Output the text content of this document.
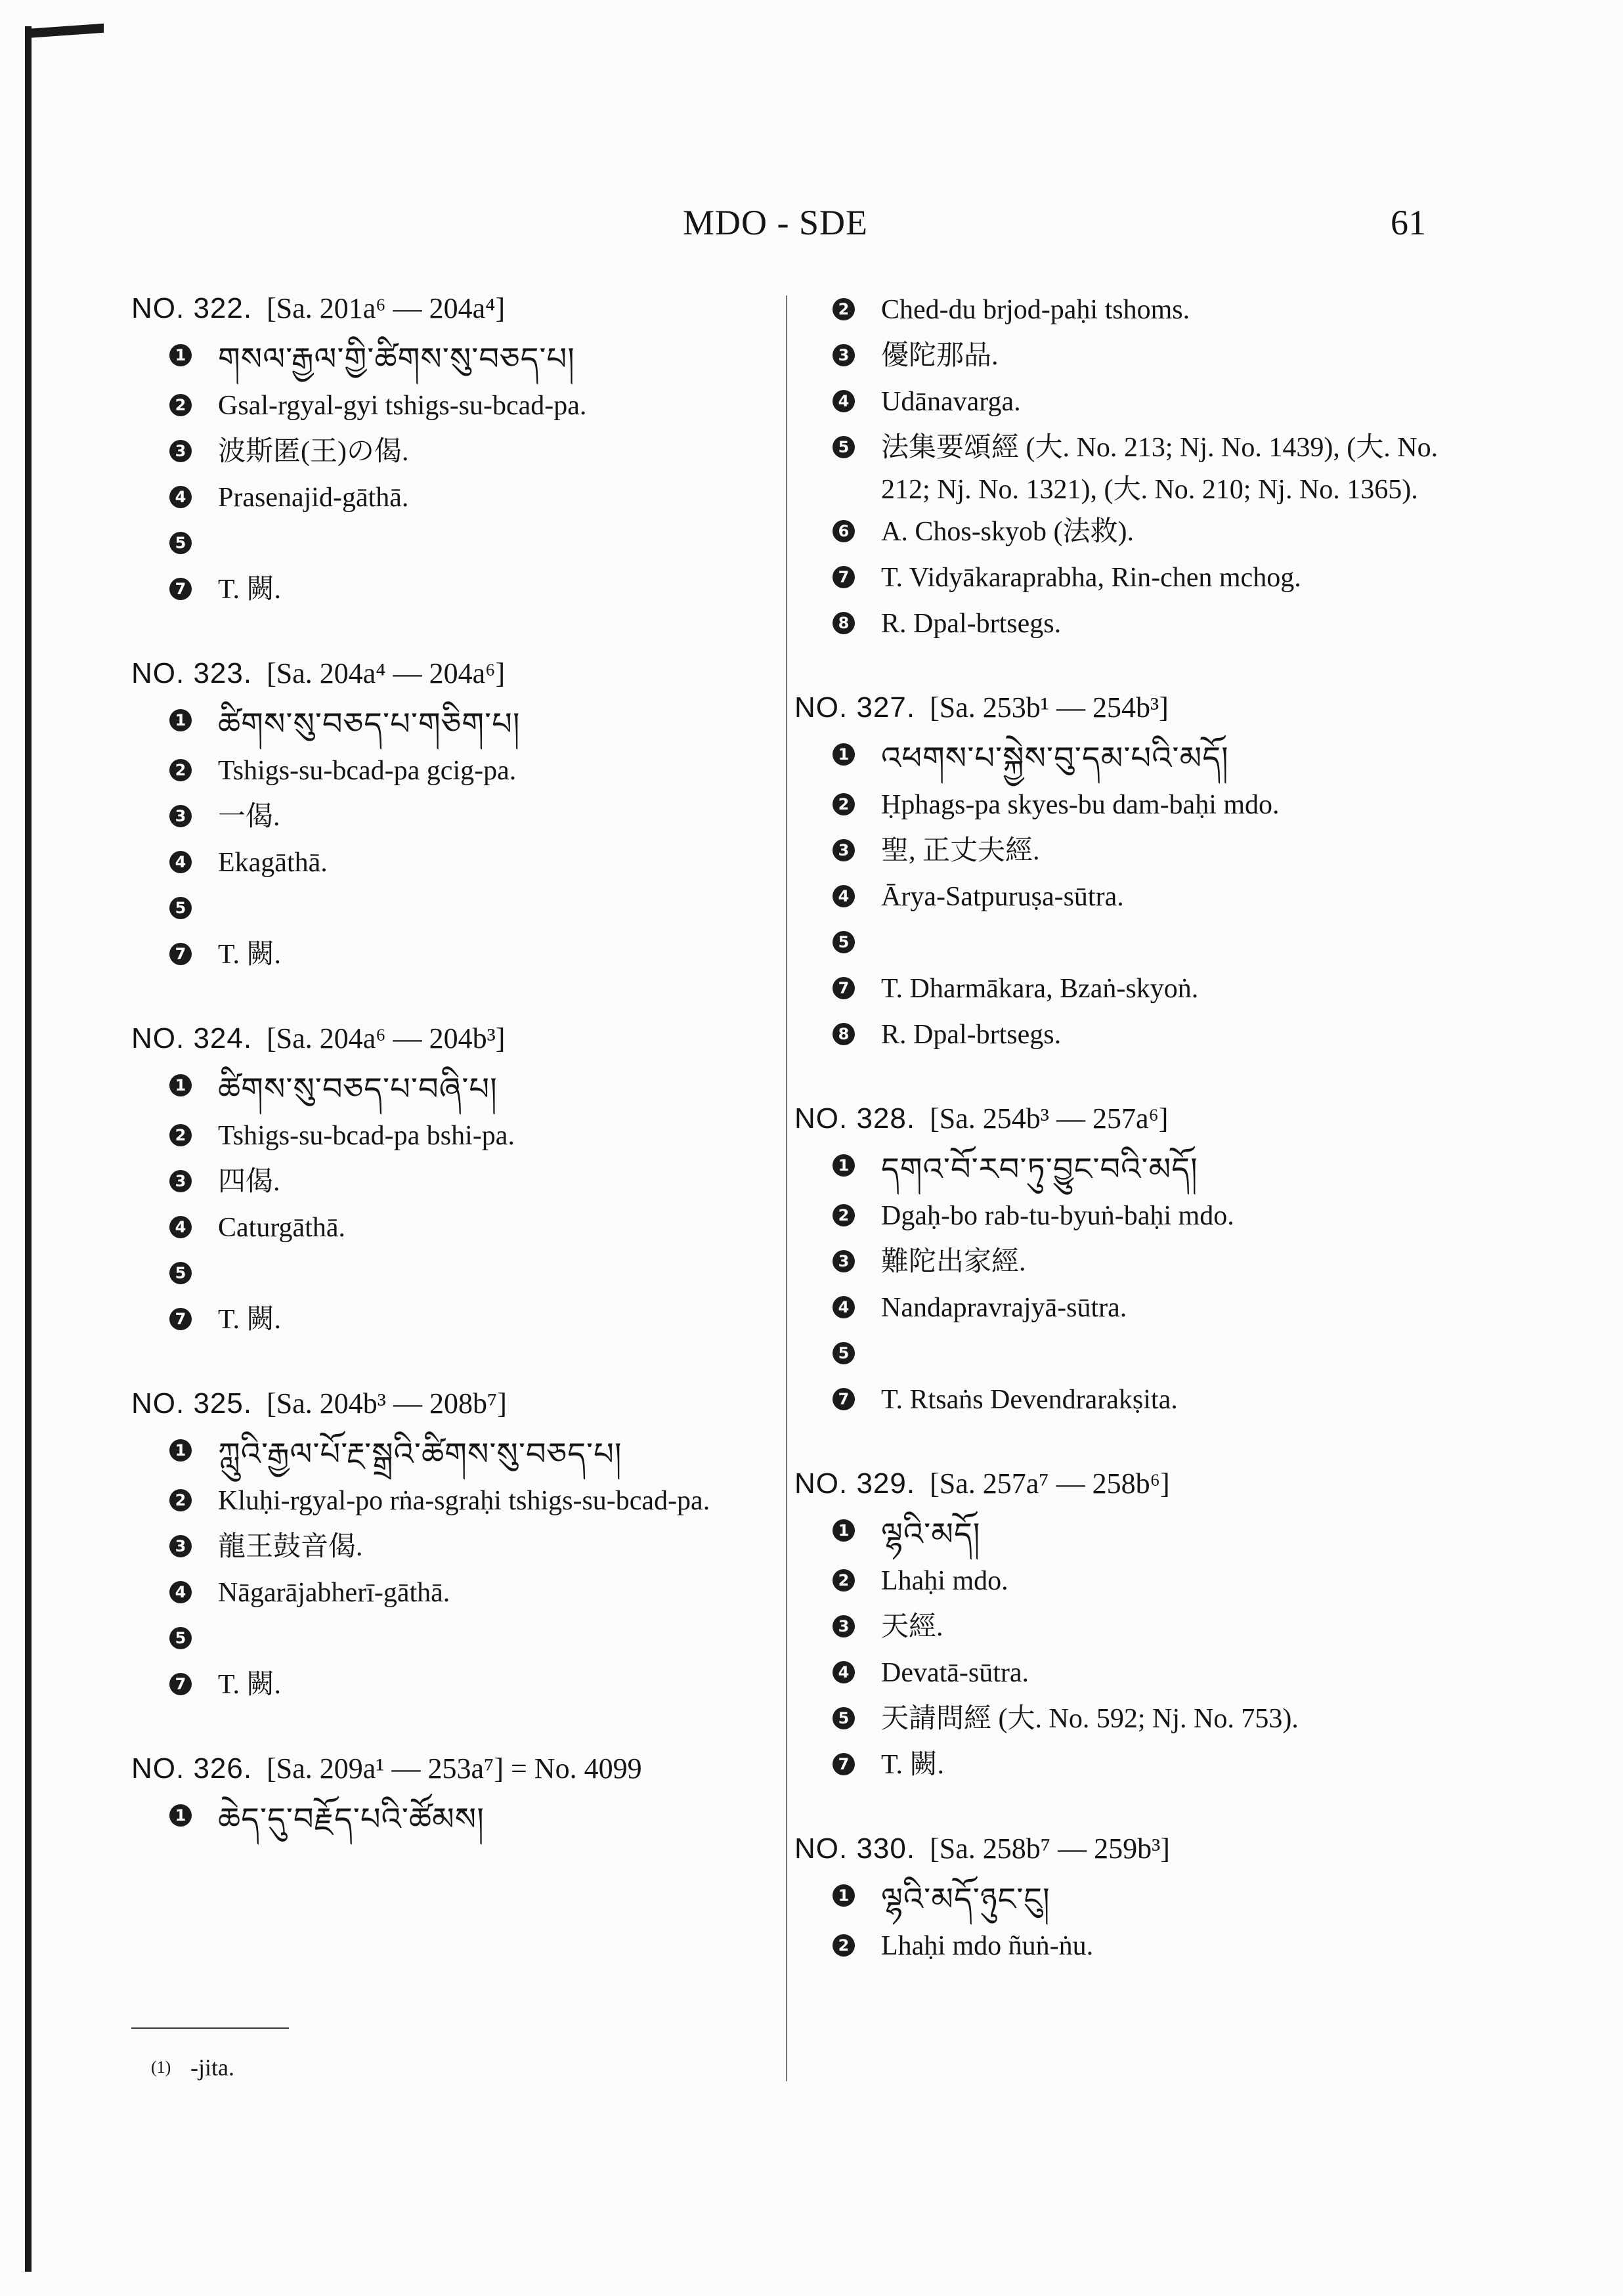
MDO - SDE	61
NO. 322. [Sa. 201a⁶ — 204a⁴]
1 གསལ་རྒྱལ་གྱི་ཚིགས་སུ་བཅད་པ།
2 Gsal-rgyal-gyi tshigs-su-bcad-pa.
3 波斯匿(王)の偈.
4 Prasenajid-gāthā.
5
7 T. 闕.
NO. 323. [Sa. 204a⁴ — 204a⁶]
1 ཚིགས་སུ་བཅད་པ་གཅིག་པ།
2 Tshigs-su-bcad-pa gcig-pa.
3 一偈.
4 Ekagāthā.
5
7 T. 闕.
NO. 324. [Sa. 204a⁶ — 204b³]
1 ཚིགས་སུ་བཅད་པ་བཞི་པ།
2 Tshigs-su-bcad-pa bshi-pa.
3 四偈.
4 Caturgāthā.
5
7 T. 闕.
NO. 325. [Sa. 204b³ — 208b⁷]
1 ཀླུའི་རྒྱལ་པོ་རྔ་སྒྲའི་ཚིགས་སུ་བཅད་པ།
2 Kluḥi-rgyal-po rṅa-sgraḥi tshigs-su-bcad-pa.
3 龍王鼓音偈.
4 Nāgarājabherī-gāthā.
5
7 T. 闕.
NO. 326. [Sa. 209a¹ — 253a⁷] = No. 4099
1 ཆེད་དུ་བརྗོད་པའི་ཚོམས།
2 Ched-du brjod-paḥi tshoms.
3 優陀那品.
4 Udānavarga.
5 法集要頌經 (大. No. 213; Nj. No. 1439), (大. No. 212; Nj. No. 1321), (大. No. 210; Nj. No. 1365).
6 A. Chos-skyob (法救).
7 T. Vidyākaraprabha, Rin-chen mchog.
8 R. Dpal-brtsegs.
NO. 327. [Sa. 253b¹ — 254b³]
1 འཕགས་པ་སྐྱེས་བུ་དམ་པའི་མདོ།
2 Ḥphags-pa skyes-bu dam-baḥi mdo.
3 聖, 正丈夫經.
4 Ārya-Satpuruṣa-sūtra.
5
7 T. Dharmākara, Bzaṅ-skyoṅ.
8 R. Dpal-brtsegs.
NO. 328. [Sa. 254b³ — 257a⁶]
1 དགའ་བོ་རབ་ཏུ་བྱུང་བའི་མདོ།
2 Dgaḥ-bo rab-tu-byuṅ-baḥi mdo.
3 難陀出家經.
4 Nandapravrajyā-sūtra.
5
7 T. Rtsaṅs Devendrarakṣita.
NO. 329. [Sa. 257a⁷ — 258b⁶]
1 ལྷའི་མདོ།
2 Lhaḥi mdo.
3 天經.
4 Devatā-sūtra.
5 天請問經 (大. No. 592; Nj. No. 753).
7 T. 闕.
NO. 330. [Sa. 258b⁷ — 259b³]
1 ལྷའི་མདོ་ཉུང་ངུ།
2 Lhaḥi mdo ñuṅ-ṅu.
(1) -jita.
